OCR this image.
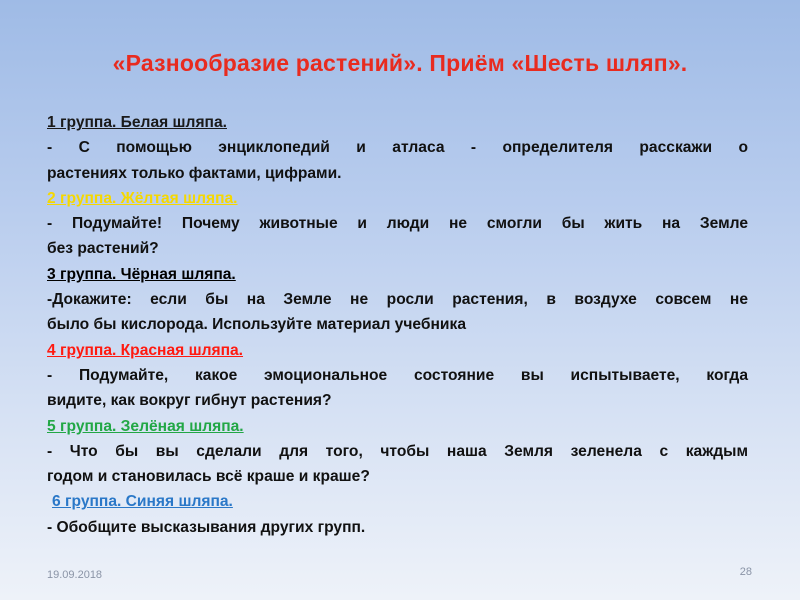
«Разнообразие растений». Приём «Шесть шляп».
1 группа. Белая шляпа.
- С помощью энциклопедий и атласа - определителя расскажи о
растениях только фактами, цифрами.
2 группа. Жёлтая шляпа.
- Подумайте! Почему животные и люди не смогли бы жить на Земле
без растений?
3 группа. Чёрная шляпа.
-Докажите: если бы на Земле не росли растения, в воздухе совсем не
было бы кислорода. Используйте материал учебника
4 группа. Красная шляпа.
- Подумайте, какое эмоциональное состояние вы испытываете, когда
видите, как вокруг гибнут растения?
5 группа. Зелёная шляпа.
- Что бы вы сделали для того, чтобы наша Земля зеленела с каждым
годом и становилась всё краше и краше?
6 группа. Синяя шляпа.
- Обобщите высказывания других групп.
19.09.2018	28
